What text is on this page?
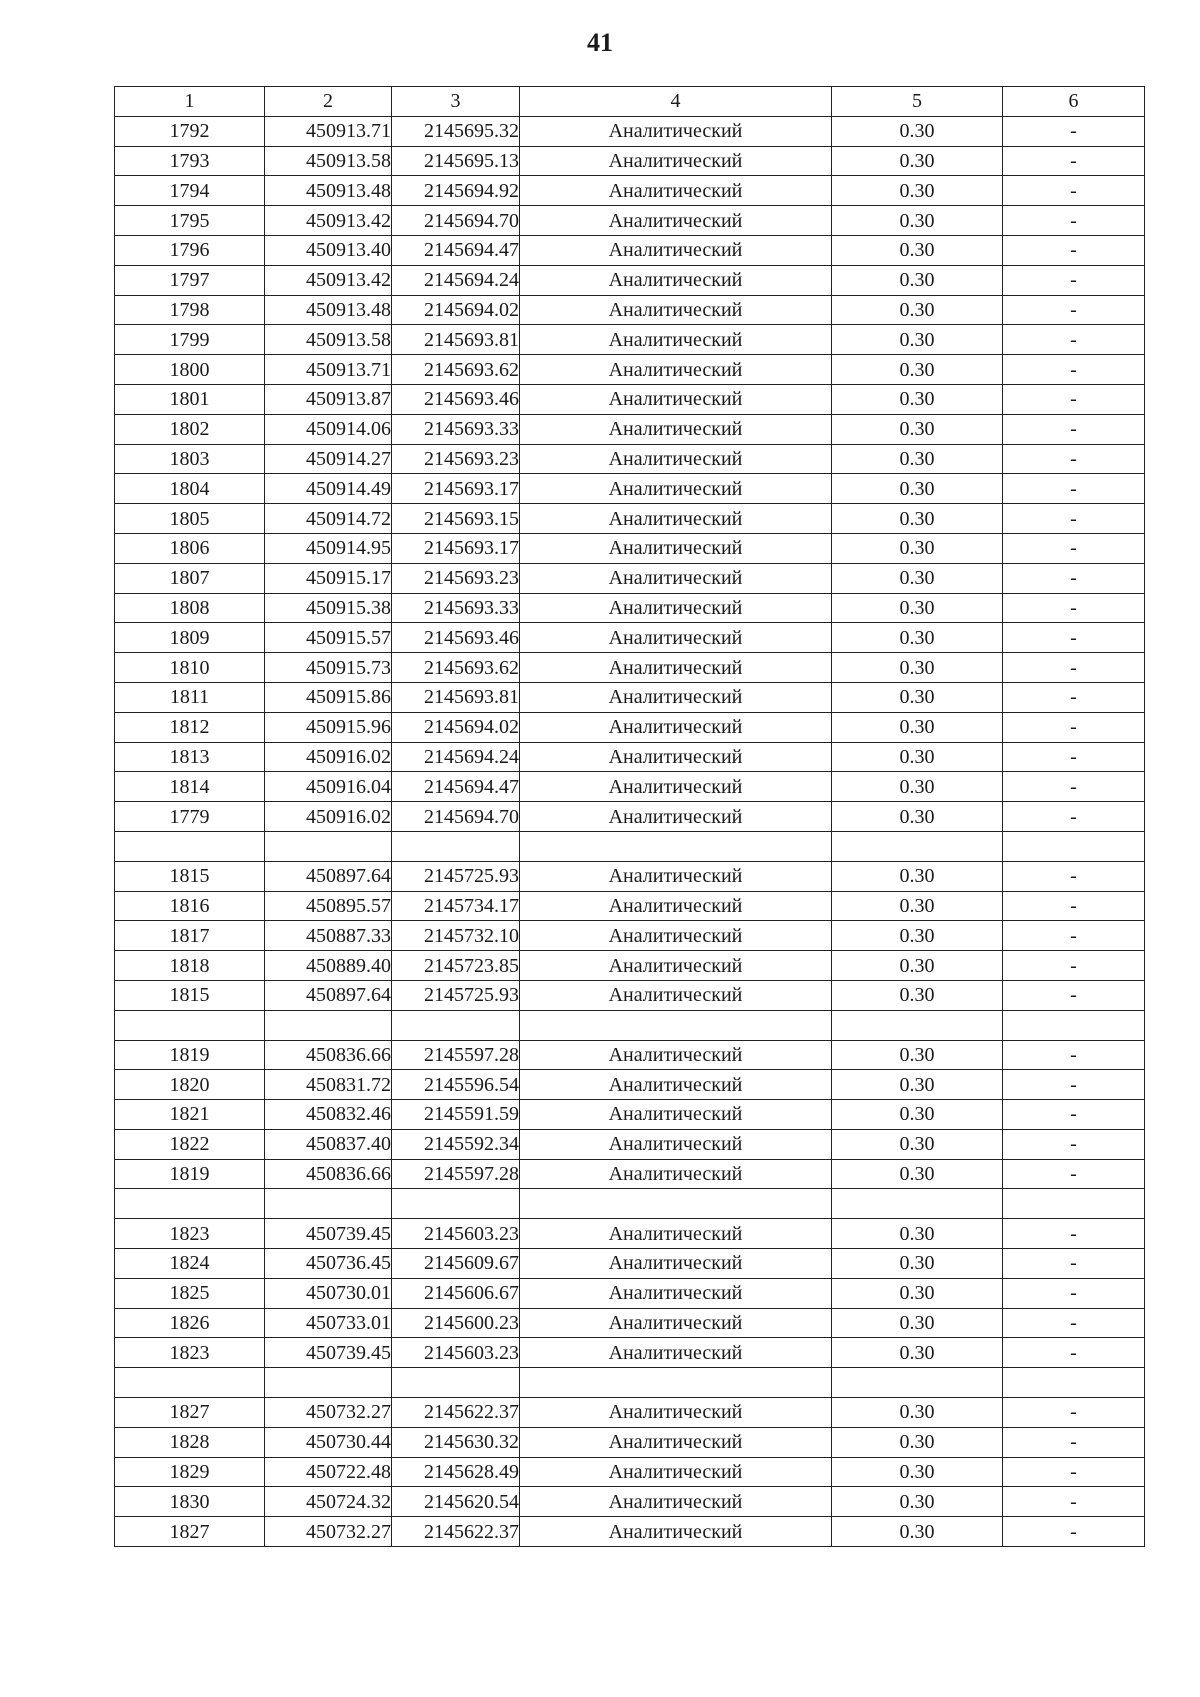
41
1	2	3	4	5	6
1792	450913.71	2145695.32	Аналитический	0.30	-
1793	450913.58	2145695.13	Аналитический	0.30	-
1794	450913.48	2145694.92	Аналитический	0.30	-
1795	450913.42	2145694.70	Аналитический	0.30	-
1796	450913.40	2145694.47	Аналитический	0.30	-
1797	450913.42	2145694.24	Аналитический	0.30	-
1798	450913.48	2145694.02	Аналитический	0.30	-
1799	450913.58	2145693.81	Аналитический	0.30	-
1800	450913.71	2145693.62	Аналитический	0.30	-
1801	450913.87	2145693.46	Аналитический	0.30	-
1802	450914.06	2145693.33	Аналитический	0.30	-
1803	450914.27	2145693.23	Аналитический	0.30	-
1804	450914.49	2145693.17	Аналитический	0.30	-
1805	450914.72	2145693.15	Аналитический	0.30	-
1806	450914.95	2145693.17	Аналитический	0.30	-
1807	450915.17	2145693.23	Аналитический	0.30	-
1808	450915.38	2145693.33	Аналитический	0.30	-
1809	450915.57	2145693.46	Аналитический	0.30	-
1810	450915.73	2145693.62	Аналитический	0.30	-
1811	450915.86	2145693.81	Аналитический	0.30	-
1812	450915.96	2145694.02	Аналитический	0.30	-
1813	450916.02	2145694.24	Аналитический	0.30	-
1814	450916.04	2145694.47	Аналитический	0.30	-
1779	450916.02	2145694.70	Аналитический	0.30	-

1815	450897.64	2145725.93	Аналитический	0.30	-
1816	450895.57	2145734.17	Аналитический	0.30	-
1817	450887.33	2145732.10	Аналитический	0.30	-
1818	450889.40	2145723.85	Аналитический	0.30	-
1815	450897.64	2145725.93	Аналитический	0.30	-

1819	450836.66	2145597.28	Аналитический	0.30	-
1820	450831.72	2145596.54	Аналитический	0.30	-
1821	450832.46	2145591.59	Аналитический	0.30	-
1822	450837.40	2145592.34	Аналитический	0.30	-
1819	450836.66	2145597.28	Аналитический	0.30	-

1823	450739.45	2145603.23	Аналитический	0.30	-
1824	450736.45	2145609.67	Аналитический	0.30	-
1825	450730.01	2145606.67	Аналитический	0.30	-
1826	450733.01	2145600.23	Аналитический	0.30	-
1823	450739.45	2145603.23	Аналитический	0.30	-

1827	450732.27	2145622.37	Аналитический	0.30	-
1828	450730.44	2145630.32	Аналитический	0.30	-
1829	450722.48	2145628.49	Аналитический	0.30	-
1830	450724.32	2145620.54	Аналитический	0.30	-
1827	450732.27	2145622.37	Аналитический	0.30	-
